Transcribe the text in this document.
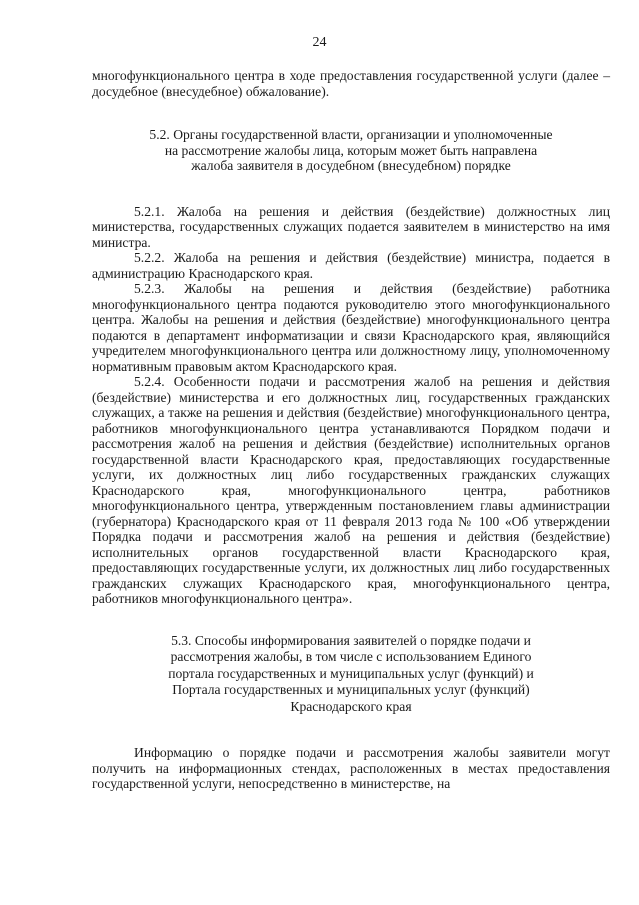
24

многофункционального центра в ходе предоставления государственной услуги (далее – досудебное (внесудебное) обжалование).

5.2. Органы государственной власти, организации и уполномоченные

на рассмотрение жалобы лица, которым может быть направлена

жалоба заявителя в досудебном (внесудебном) порядке

5.2.1. Жалоба на решения и действия (бездействие) должностных лиц министерства, государственных служащих подается заявителем в министерство на имя министра.

5.2.2. Жалоба на решения и действия (бездействие) министра, подается в администрацию Краснодарского края.

5.2.3. Жалобы на решения и действия (бездействие) работника многофункционального центра подаются руководителю этого многофункционального центра. Жалобы на решения и действия (бездействие) многофункционального центра подаются в департамент информатизации и связи Краснодарского края, являющийся учредителем многофункционального центра или должностному лицу, уполномоченному нормативным правовым актом Краснодарского края.

5.2.4. Особенности подачи и рассмотрения жалоб на решения и действия (бездействие) министерства и его должностных лиц, государственных гражданских служащих, а также на решения и действия (бездействие) многофункционального центра, работников многофункционального центра устанавливаются Порядком подачи и рассмотрения жалоб на решения и действия (бездействие) исполнительных органов государственной власти Краснодарского края, предоставляющих государственные услуги, их должностных лиц либо государственных гражданских служащих Краснодарского края, многофункционального центра, работников многофункционального центра, утвержденным постановлением главы администрации (губернатора) Краснодарского края от 11 февраля 2013 года № 100 «Об утверждении Порядка подачи и рассмотрения жалоб на решения и действия (бездействие) исполнительных органов государственной власти Краснодарского края, предоставляющих государственные услуги, их должностных лиц либо государственных гражданских служащих Краснодарского края, многофункционального центра, работников многофункционального центра».

5.3. Способы информирования заявителей о порядке подачи и

рассмотрения жалобы, в том числе с использованием Единого

портала государственных и муниципальных услуг (функций) и

Портала государственных и муниципальных услуг (функций)

Краснодарского края

Информацию о порядке подачи и рассмотрения жалобы заявители могут получить на информационных стендах, расположенных в местах предоставления государственной услуги, непосредственно в министерстве, на
